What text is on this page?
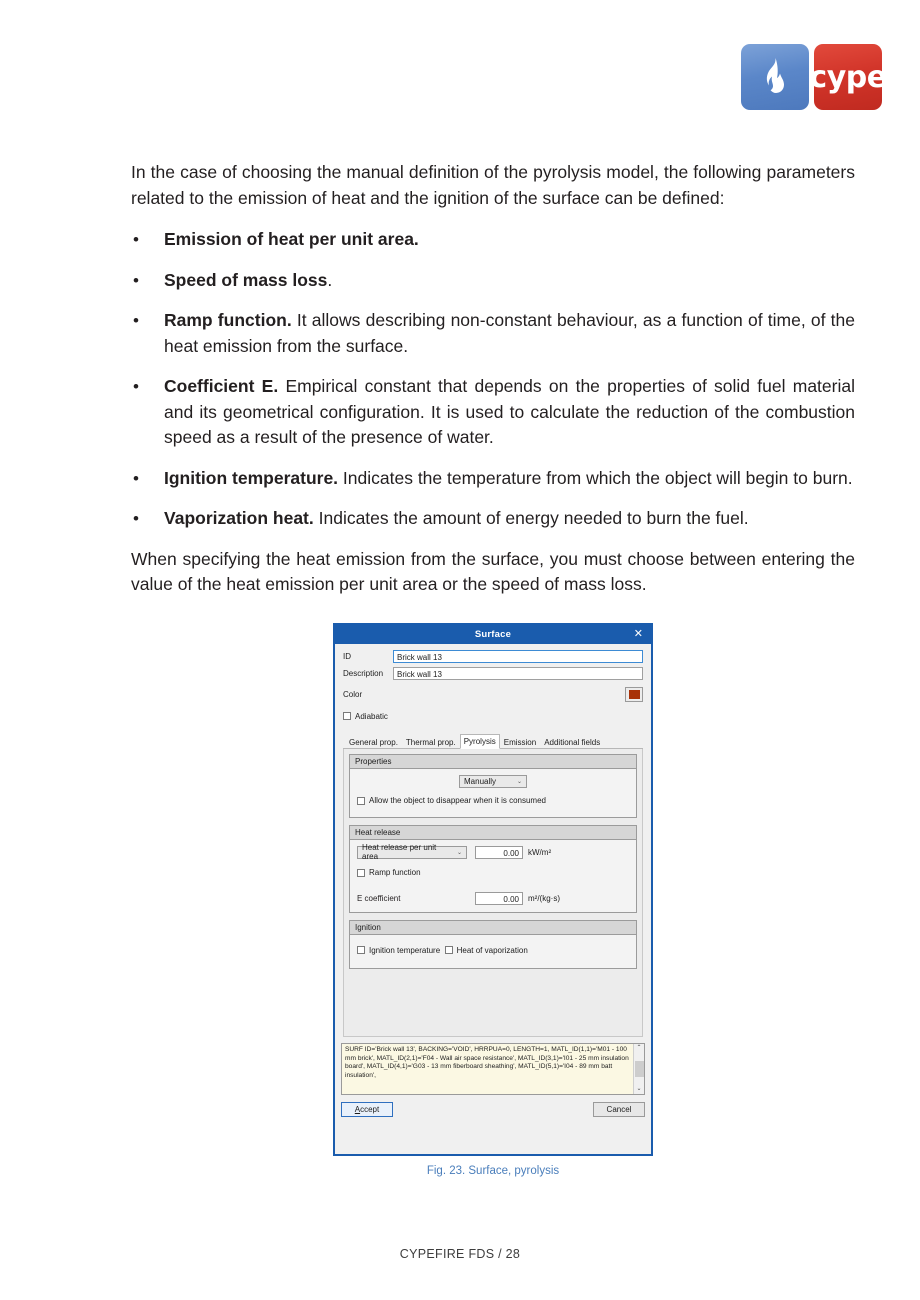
cype

In the case of choosing the manual definition of the pyrolysis model, the following parameters related to the emission of heat and the ignition of the surface can be defined:

• Emission of heat per unit area.
• Speed of mass loss.
• Ramp function. It allows describing non-constant behaviour, as a function of time, of the heat emission from the surface.
• Coefficient E. Empirical constant that depends on the properties of solid fuel material and its geometrical configuration. It is used to calculate the reduction of the combustion speed as a result of the presence of water.
• Ignition temperature. Indicates the temperature from which the object will begin to burn.
• Vaporization heat. Indicates the amount of energy needed to burn the fuel.

When specifying the heat emission from the surface, you must choose between entering the value of the heat emission per unit area or the speed of mass loss.

Surface	✕
ID	Brick wall 13
Description	Brick wall 13
Color
Adiabatic
General prop.	Thermal prop.	Pyrolysis	Emission	Additional fields
Properties
Manually	⌄
Allow the object to disappear when it is consumed
Heat release
Heat release per unit area	⌄	0.00	kW/m²
Ramp function
E coefficient	0.00	m²/(kg·s)
Ignition
Ignition temperature
Heat of vaporization
SURF ID='Brick wall 13', BACKING='VOID', HRRPUA=0, LENGTH=1, MATL_ID(1,1)='M01 - 100 mm brick', MATL_ID(2,1)='F04 - Wall air space resistance', MATL_ID(3,1)='I01 - 25 mm insulation board', MATL_ID(4,1)='G03 - 13 mm fiberboard sheathing', MATL_ID(5,1)='I04 - 89 mm batt insulation',
⌃
⌄
Accept	Cancel
Fig. 23. Surface, pyrolysis
CYPEFIRE FDS / 28
